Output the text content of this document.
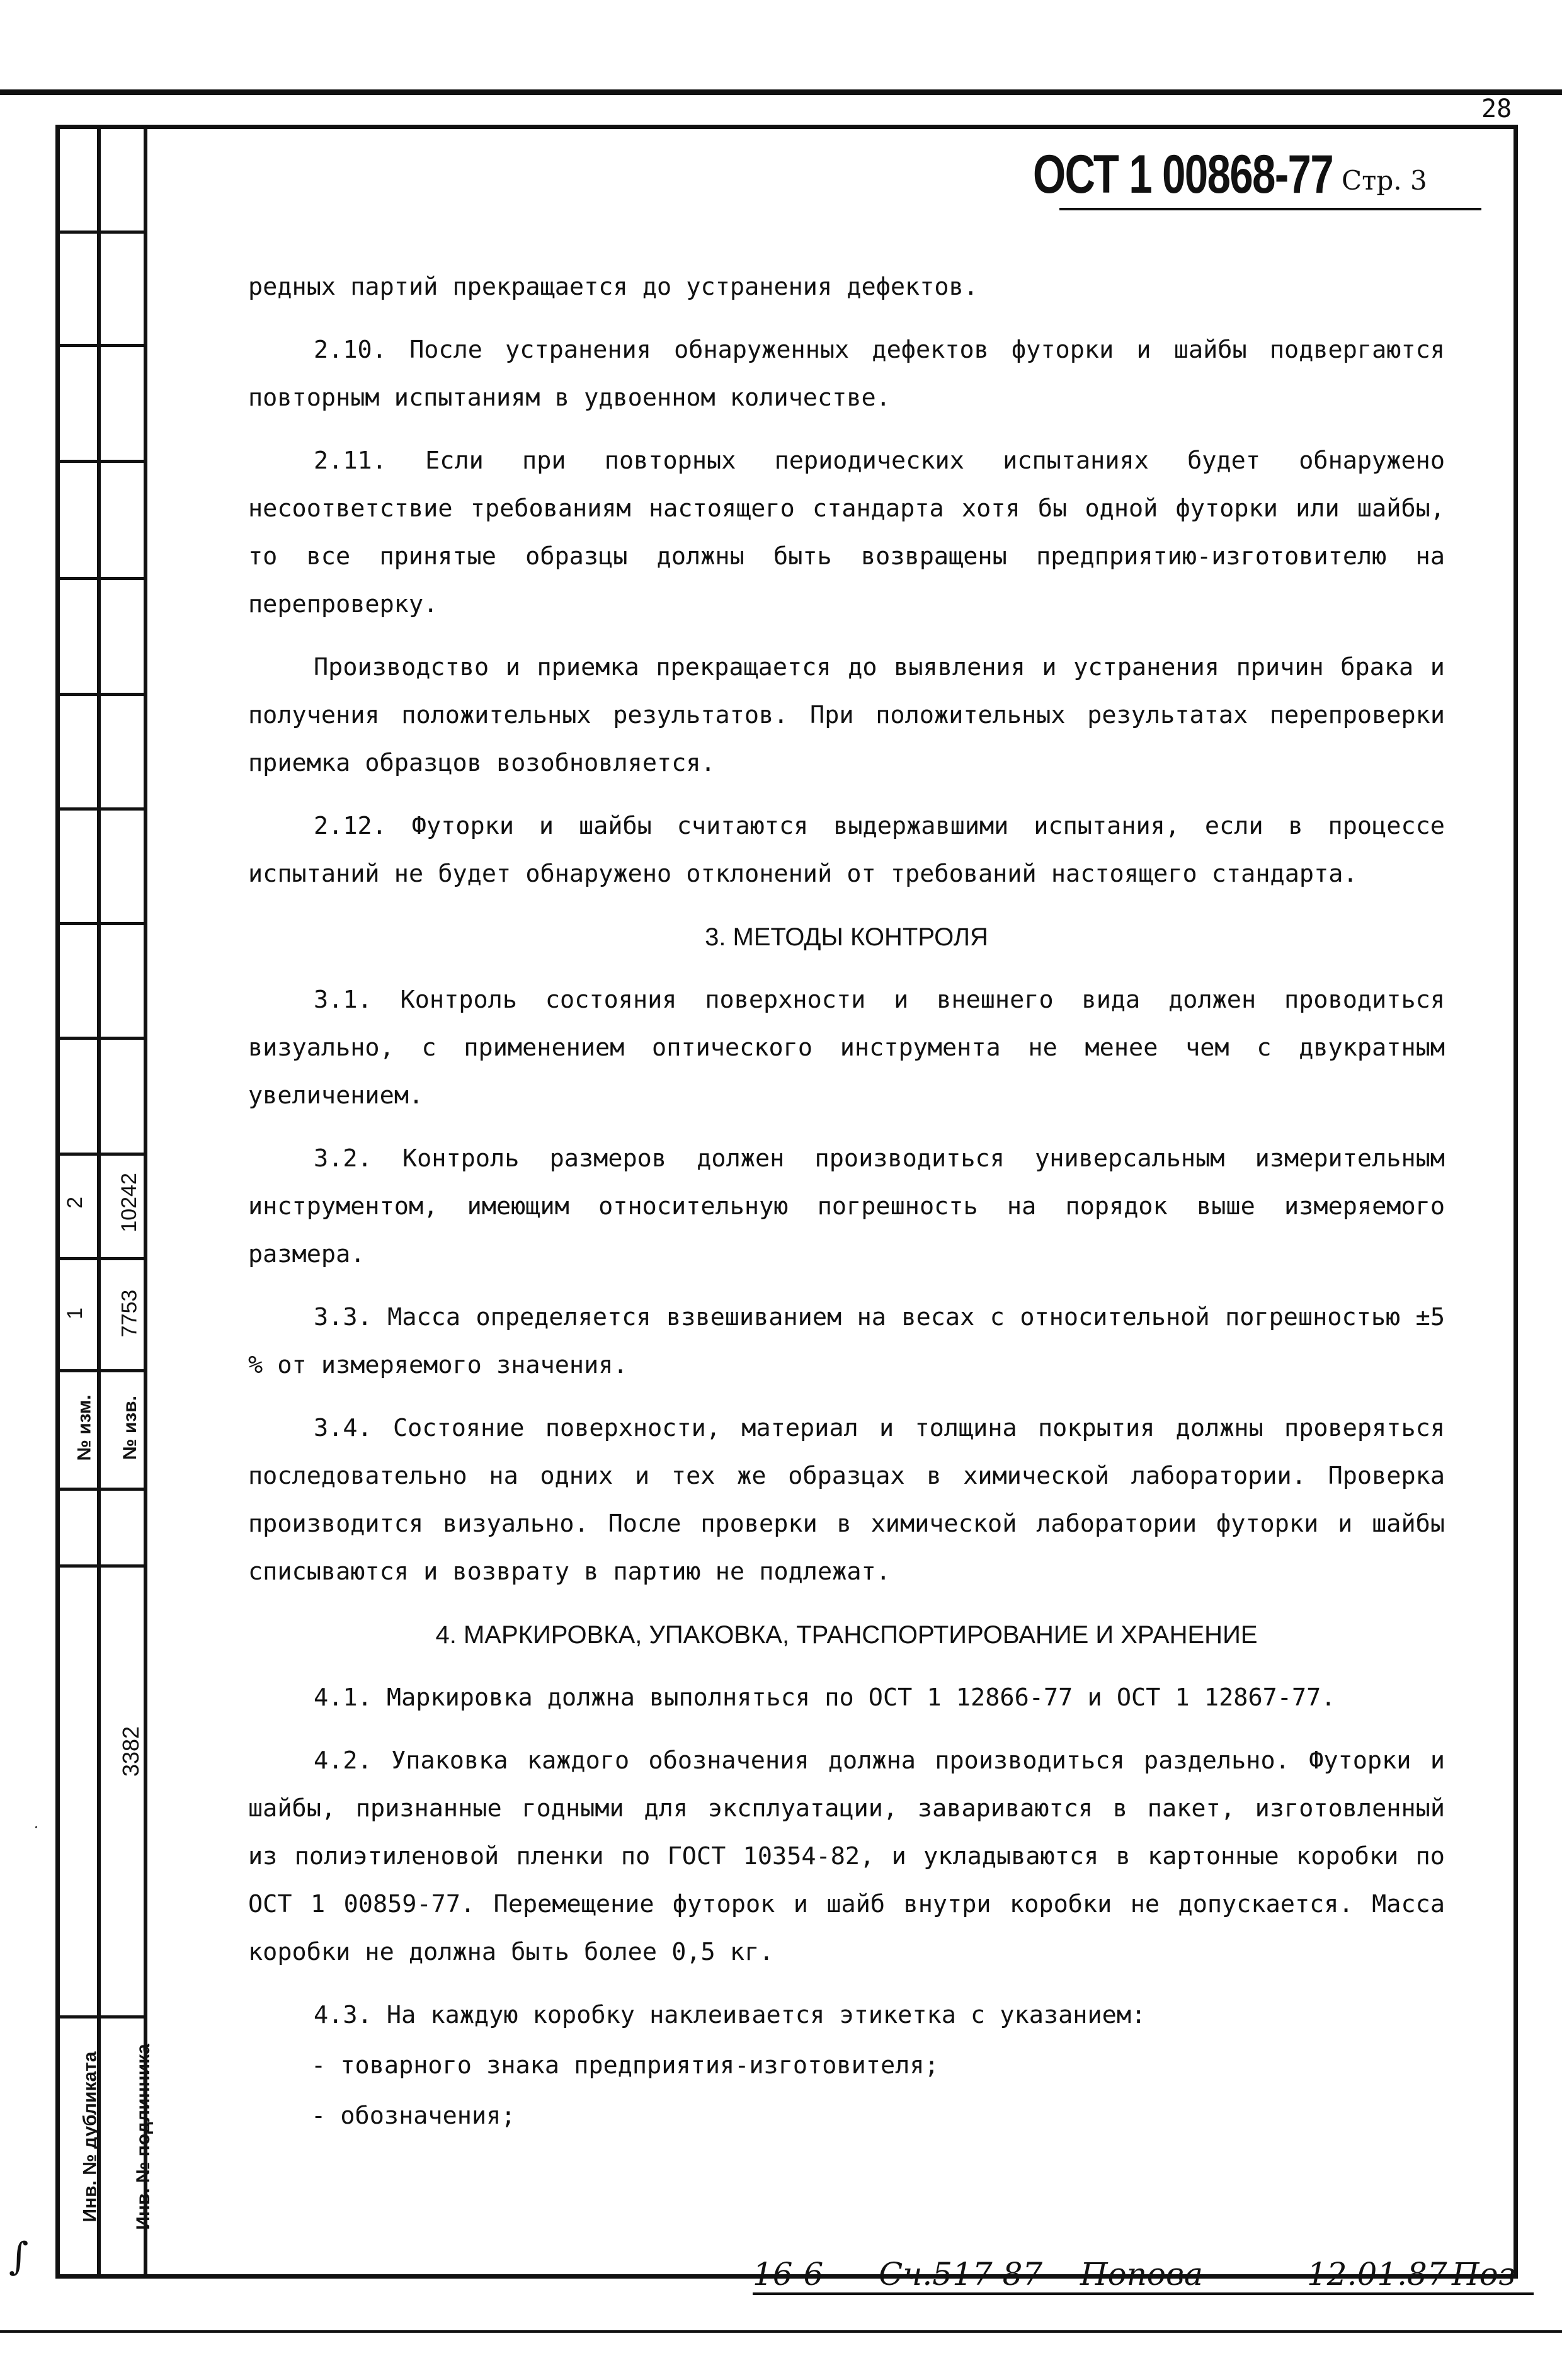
28
2 10242
1 7753
№ изм. № изв.
3382
Инв. № дубликата Инв. № подлинника
ОСТ 1 00868-77 Стр. 3

редных партий прекращается до устранения дефектов.

2.10. После устранения обнаруженных дефектов футорки и шайбы подвергаются повторным испытаниям в удвоенном количестве.

2.11. Если при повторных периодических испытаниях будет обнаружено несоответствие требованиям настоящего стандарта хотя бы одной футорки или шайбы, то все принятые образцы должны быть возвращены предприятию-изготовителю на перепроверку.

Производство и приемка прекращается до выявления и устранения причин брака и получения положительных результатов. При положительных результатах перепроверки приемка образцов возобновляется.

2.12. Футорки и шайбы считаются выдержавшими испытания, если в процессе испытаний не будет обнаружено отклонений от требований настоящего стандарта.

3. МЕТОДЫ КОНТРОЛЯ

3.1. Контроль состояния поверхности и внешнего вида должен проводиться визуально, с применением оптического инструмента не менее чем с двукратным увеличением.

3.2. Контроль размеров должен производиться универсальным измерительным инструментом, имеющим относительную погрешность на порядок выше измеряемого размера.

3.3. Масса определяется взвешиванием на весах с относительной погрешностью ±5 % от измеряемого значения.

3.4. Состояние поверхности, материал и толщина покрытия должны проверяться последовательно на одних и тех же образцах в химической лаборатории. Проверка производится визуально. После проверки в химической лаборатории футорки и шайбы списываются и возврату в партию не подлежат.

4. МАРКИРОВКА, УПАКОВКА, ТРАНСПОРТИРОВАНИЕ И ХРАНЕНИЕ

4.1. Маркировка должна выполняться по ОСТ 1 12866-77 и ОСТ 1 12867-77.

4.2. Упаковка каждого обозначения должна производиться раздельно. Футорки и шайбы, признанные годными для эксплуатации, завариваются в пакет, изготовленный из полиэтиленовой пленки по ГОСТ 10354-82, и укладываются в картонные коробки по ОСТ 1 00859-77. Перемещение футорок и шайб внутри коробки не допускается. Масса коробки не должна быть более 0,5 кг.

4.3. На каждую коробку наклеивается этикетка с указанием:

- товарного знака предприятия-изготовителя;

- обозначения;

16-6 Сч.517 87 Попова	12.01.87 Поз
∫
·
